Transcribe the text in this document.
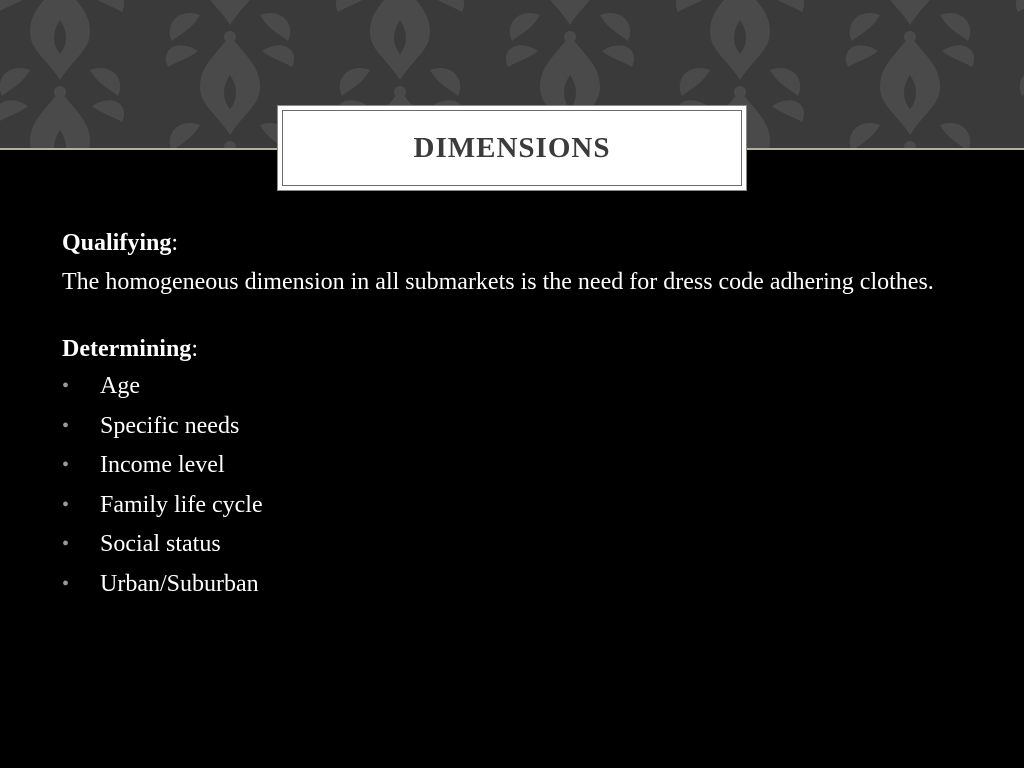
DIMENSIONS

Qualifying:

The homogeneous dimension in all submarkets is the need for dress code adhering clothes.

Determining:

• Age
• Specific needs
• Income level
• Family life cycle
• Social status
• Urban/Suburban
